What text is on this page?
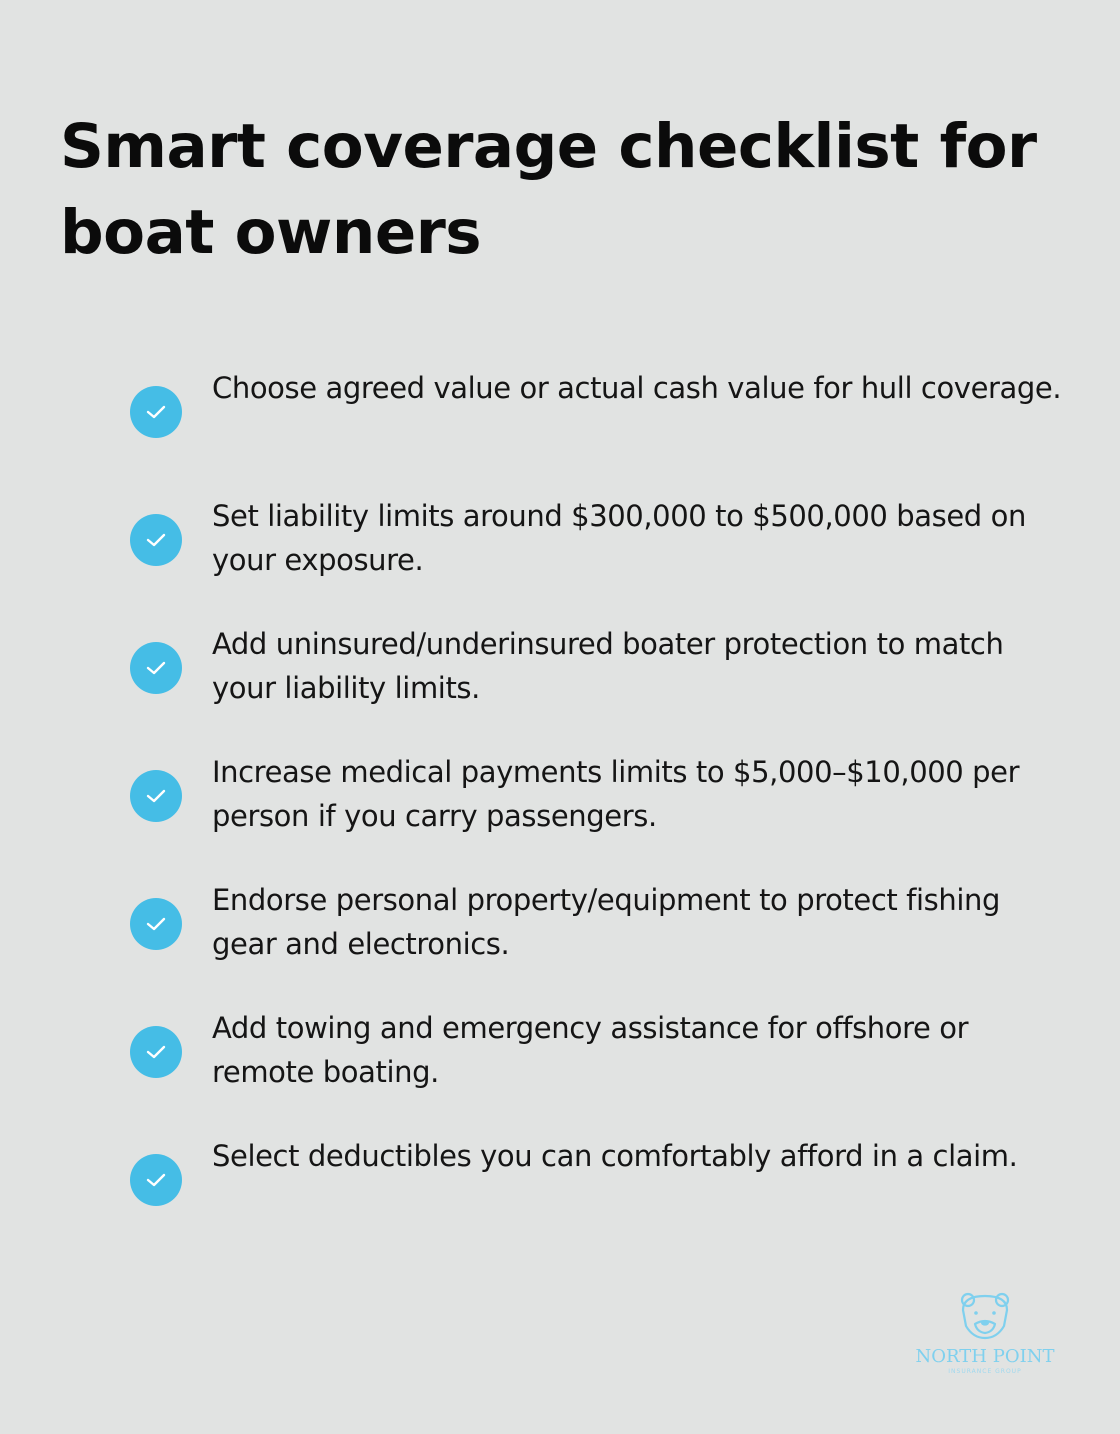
Smart coverage checklist for boat owners
Choose agreed value or actual cash value for hull coverage.
Set liability limits around $300,000 to $500,000 based on your exposure.
Add uninsured/underinsured boater protection to match your liability limits.
Increase medical payments limits to $5,000–$10,000 per person if you carry passengers.
Endorse personal property/equipment to protect fishing gear and electronics.
Add towing and emergency assistance for offshore or remote boating.
Select deductibles you can comfortably afford in a claim.
NORTH POINT
INSURANCE GROUP
